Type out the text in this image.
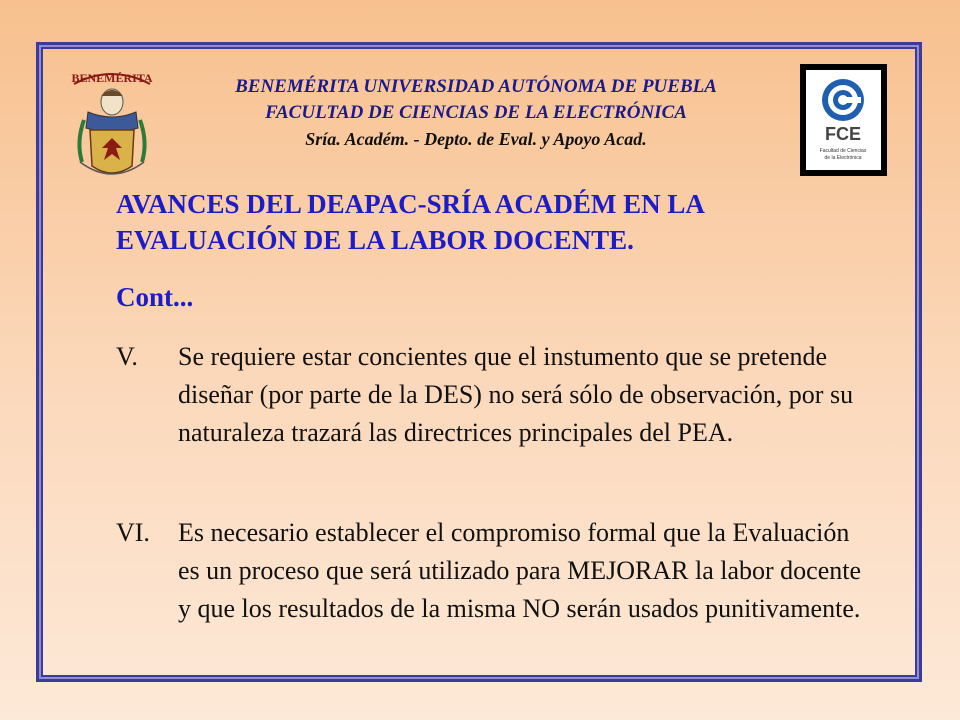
BENEMÉRITA
FCE
Facultad de Ciencias
de la Electrónica
BENEMÉRITA UNIVERSIDAD AUTÓNOMA DE PUEBLA
FACULTAD DE CIENCIAS DE LA ELECTRÓNICA
Sría. Académ. - Depto. de Eval. y Apoyo Acad.
AVANCES DEL DEAPAC-SRÍA ACADÉM EN LA EVALUACIÓN DE LA LABOR DOCENTE.
Cont...
V. Se requiere estar concientes que el instumento que se pretende diseñar (por parte de la DES) no será sólo de observación, por su naturaleza trazará las directrices principales del PEA.
VI. Es necesario establecer el compromiso formal que la Evaluación es un proceso que será utilizado para MEJORAR la labor docente y que los resultados de la misma NO serán usados punitivamente.
